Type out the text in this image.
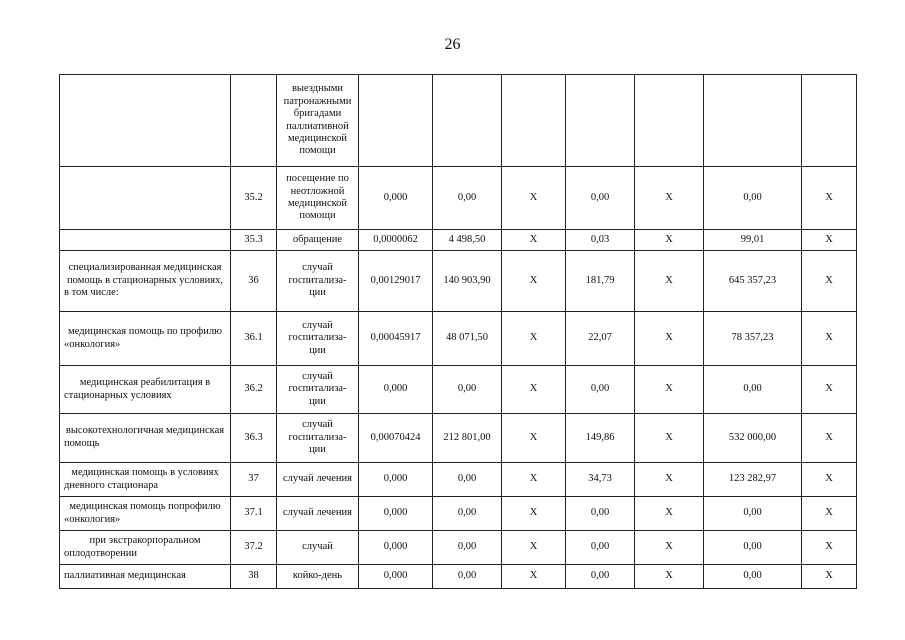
26
		выездными патронажными бригадами паллиативной медицинской помощи							
	35.2	посещение по неотложной медицинской помощи	0,000	0,00	X	0,00	X	0,00	X
	35.3	обращение	0,0000062	4 498,50	X	0,03	X	99,01	X
специализированная медицинская помощь в стационарных условиях, в том числе:	36	случай госпитализа-ции	0,00129017	140 903,90	X	181,79	X	645 357,23	X
медицинская помощь по профилю «онкология»	36.1	случай госпитализа-ции	0,00045917	48 071,50	X	22,07	X	78 357,23	X
медицинская реабилитация в стационарных условиях	36.2	случай госпитализа-ции	0,000	0,00	X	0,00	X	0,00	X
высокотехнологичная медицинская помощь	36.3	случай госпитализа-ции	0,00070424	212 801,00	X	149,86	X	532 000,00	X
медицинская помощь в условиях дневного стационара	37	случай лечения	0,000	0,00	X	34,73	X	123 282,97	X
медицинская помощь попрофилю «онкология»	37.1	случай лечения	0,000	0,00	X	0,00	X	0,00	X
при экстракорпоральном оплодотворении	37.2	случай	0,000	0,00	X	0,00	X	0,00	X
паллиативная медицинская	38	койко-день	0,000	0,00	X	0,00	X	0,00	X
